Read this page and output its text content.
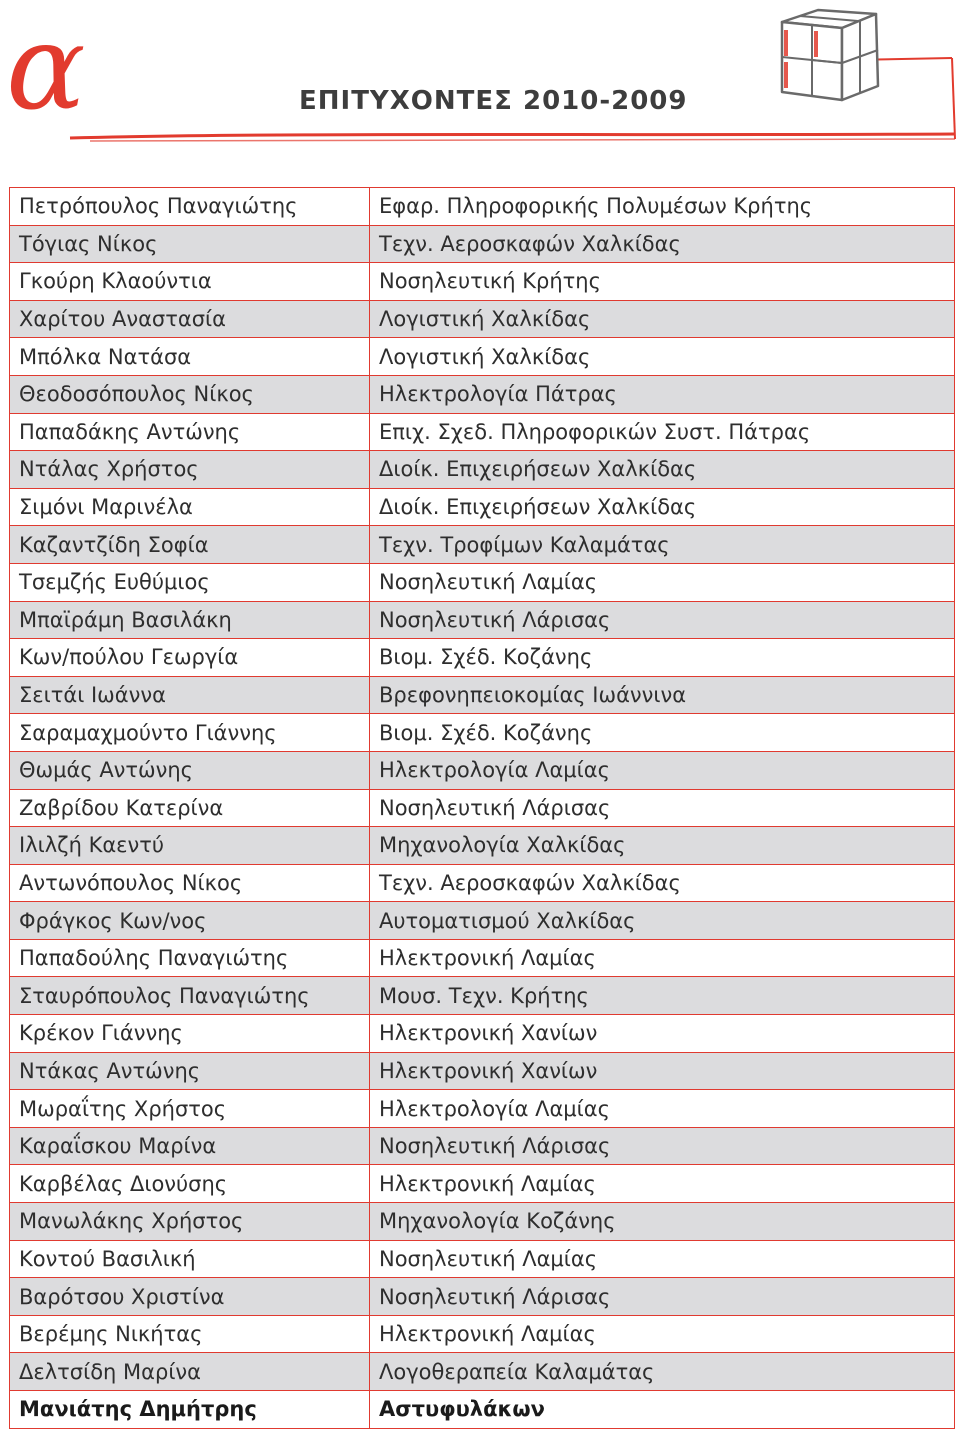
α	ΕΠΙΤΥΧΟΝΤΕΣ 2010-2009
Πετρόπουλος Παναγιώτης	Εφαρ. Πληροφορικής Πολυμέσων Κρήτης
Τόγιας Νίκος	Τεχν. Αεροσκαφών Χαλκίδας
Γκούρη Κλαούντια	Νοσηλευτική Κρήτης
Χαρίτου Αναστασία	Λογιστική Χαλκίδας
Μπόλκα Νατάσα	Λογιστική Χαλκίδας
Θεοδοσόπουλος Νίκος	Ηλεκτρολογία Πάτρας
Παπαδάκης Αντώνης	Επιχ. Σχεδ. Πληροφορικών Συστ. Πάτρας
Ντάλας Χρήστος	Διοίκ. Επιχειρήσεων Χαλκίδας
Σιμόνι Μαρινέλα	Διοίκ. Επιχειρήσεων Χαλκίδας
Καζαντζίδη Σοφία	Τεχν. Τροφίμων Καλαμάτας
Τσεμζής Ευθύμιος	Νοσηλευτική Λαμίας
Μπαϊράμη Βασιλάκη	Νοσηλευτική Λάρισας
Κων/πούλου Γεωργία	Βιομ. Σχέδ. Κοζάνης
Σειτάι Ιωάννα	Βρεφονηπειοκομίας Ιωάννινα
Σαραμαχμούντο Γιάννης	Βιομ. Σχέδ. Κοζάνης
Θωμάς Αντώνης	Ηλεκτρολογία Λαμίας
Ζαβρίδου Κατερίνα	Νοσηλευτική Λάρισας
Ιλιλζή Καεντύ	Μηχανολογία Χαλκίδας
Αντωνόπουλος Νίκος	Τεχν. Αεροσκαφών Χαλκίδας
Φράγκος Κων/νος	Αυτοματισμού Χαλκίδας
Παπαδούλης Παναγιώτης	Ηλεκτρονική Λαμίας
Σταυρόπουλος Παναγιώτης	Μουσ. Τεχν. Κρήτης
Κρέκον Γιάννης	Ηλεκτρονική Χανίων
Ντάκας Αντώνης	Ηλεκτρονική Χανίων
Μωραΐτης Χρήστος	Ηλεκτρολογία Λαμίας
Καραΐσκου Μαρίνα	Νοσηλευτική Λάρισας
Καρβέλας Διονύσης	Ηλεκτρονική Λαμίας
Μανωλάκης Χρήστος	Μηχανολογία Κοζάνης
Κοντού Βασιλική	Νοσηλευτική Λαμίας
Βαρότσου Χριστίνα	Νοσηλευτική Λάρισας
Βερέμης Νικήτας	Ηλεκτρονική Λαμίας
Δελτσίδη Μαρίνα	Λογοθεραπεία Καλαμάτας
Μανιάτης Δημήτρης	Αστυφυλάκων
